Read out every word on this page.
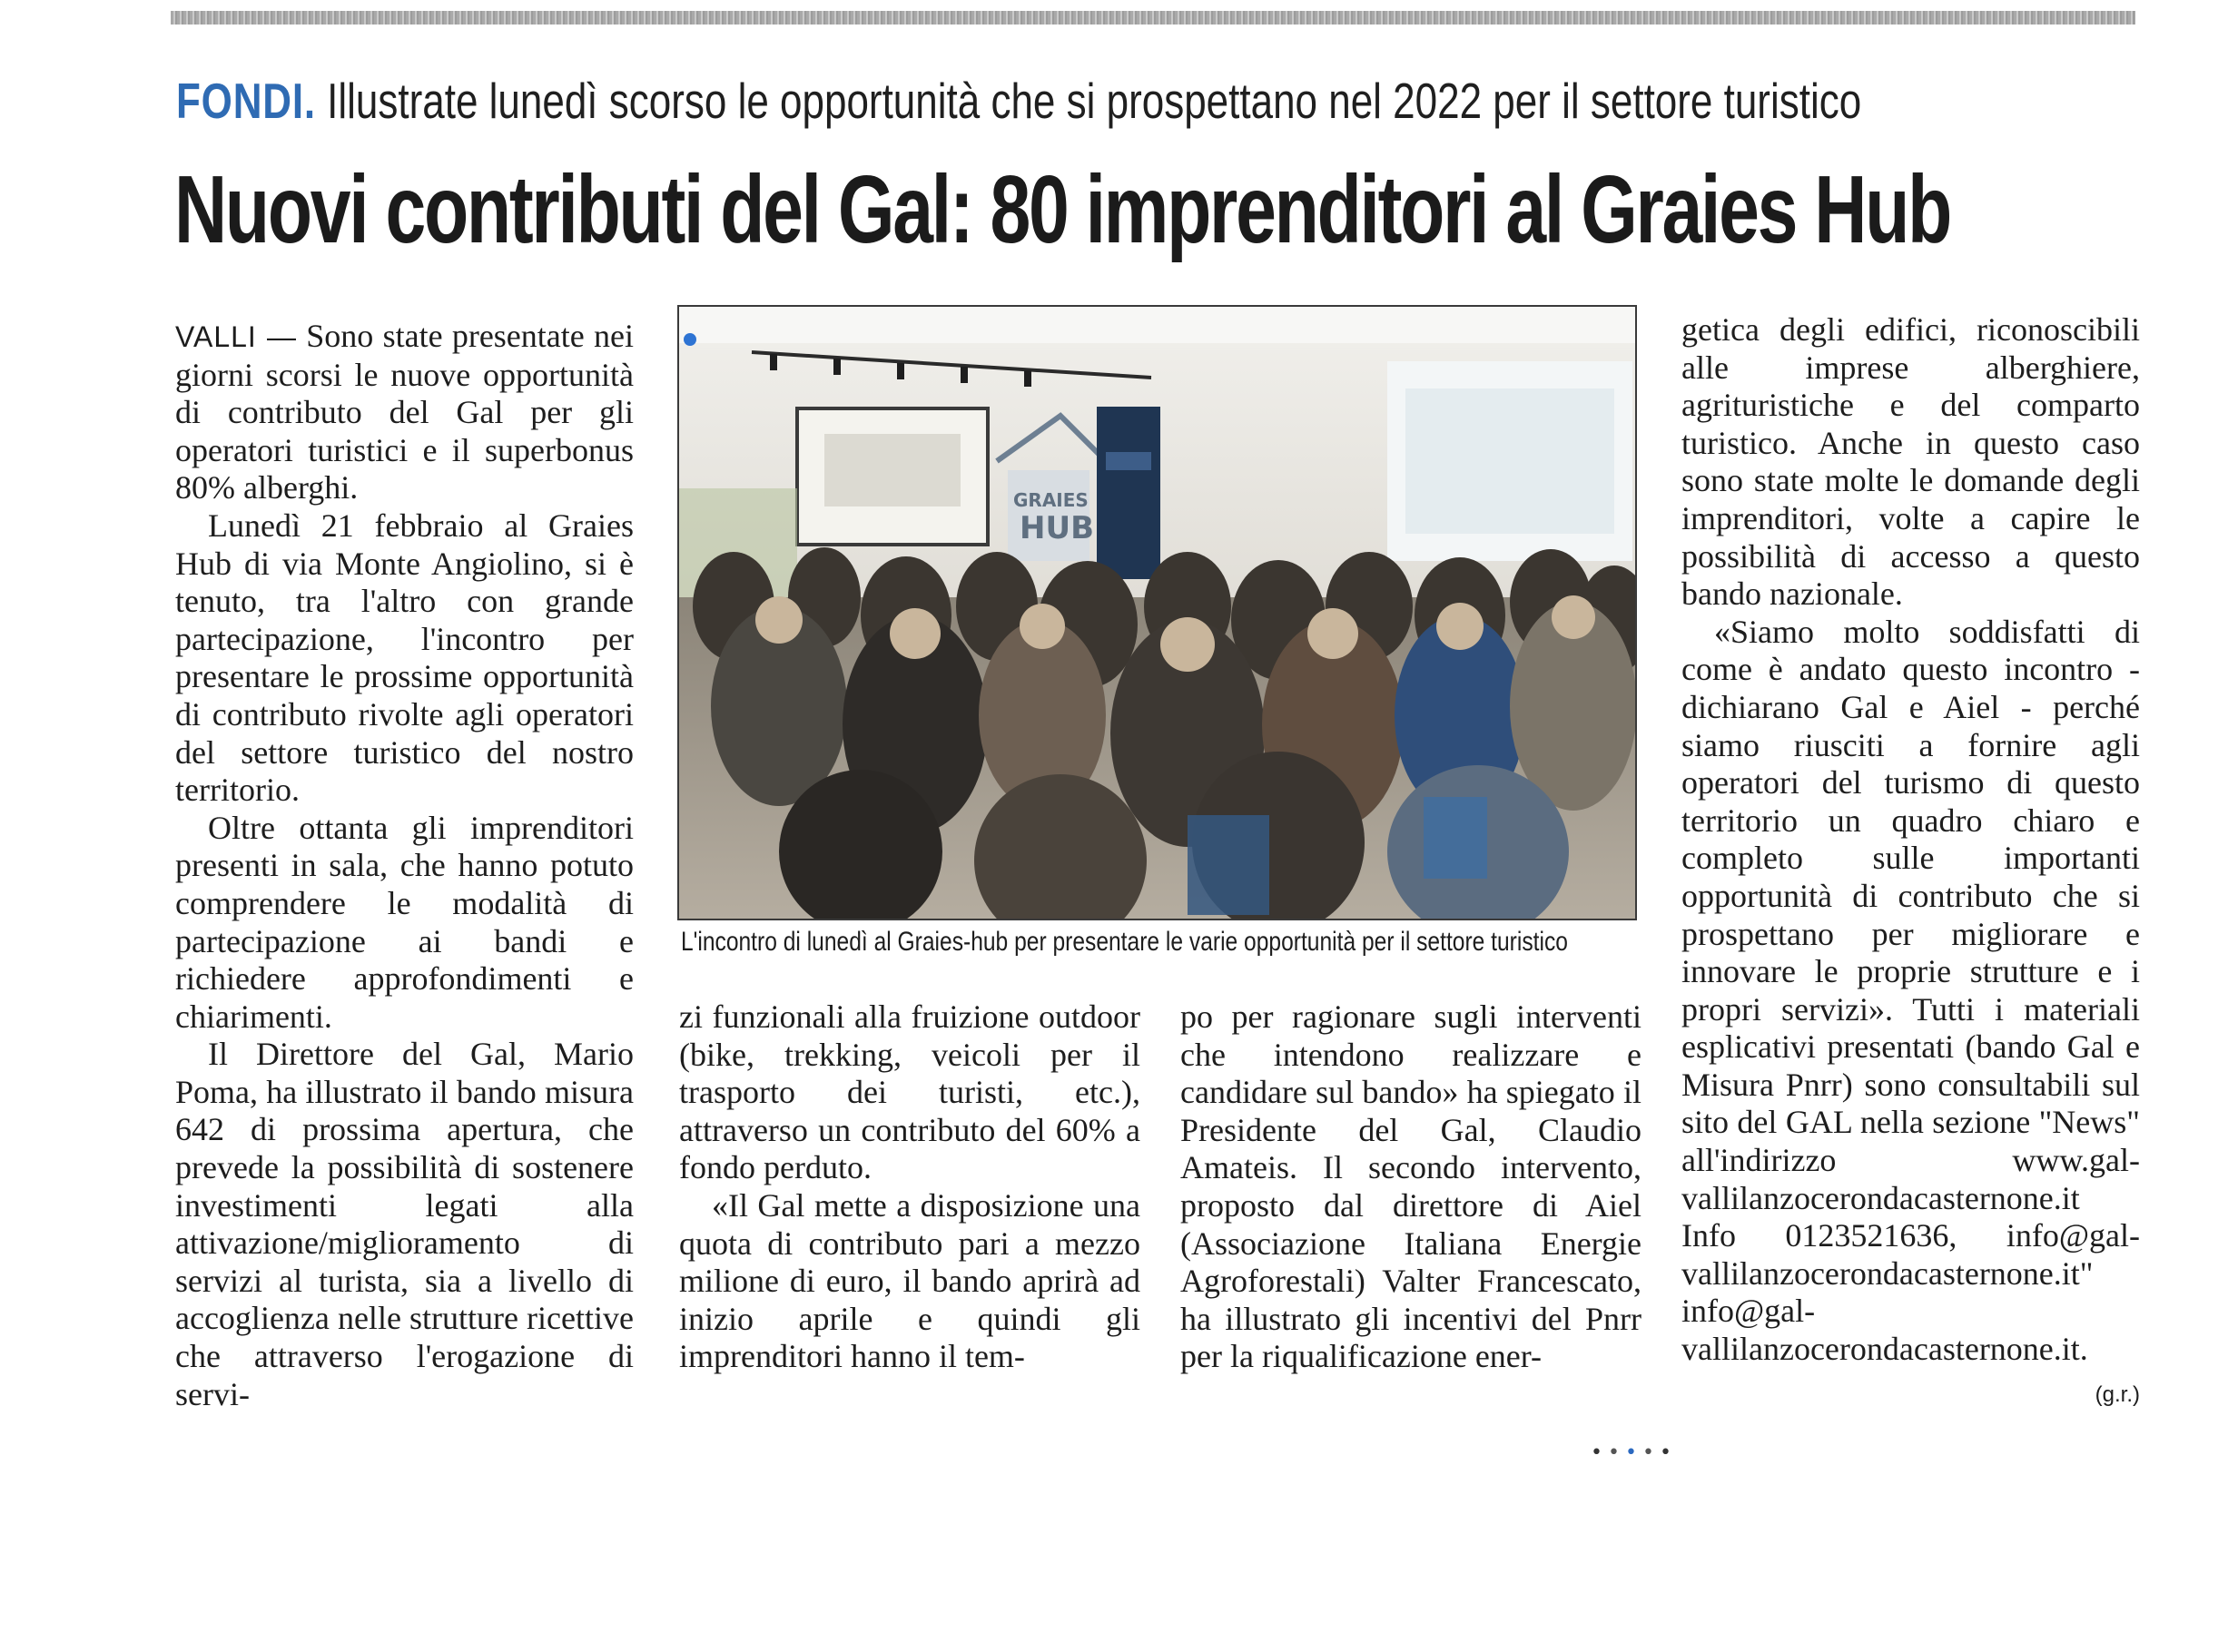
FONDI. Illustrate lunedì scorso le opportunità che si prospettano nel 2022 per il settore turistico
Nuovi contributi del Gal: 80 imprenditori al Graies Hub

VALLI — Sono state presentate nei giorni scorsi le nuove opportunità di contributo del Gal per gli operatori turistici e il superbonus 80% alberghi.

Lunedì 21 febbraio al Graies Hub di via Monte Angiolino, si è tenuto, tra l'altro con grande partecipazione, l'incontro per presentare le prossime opportunità di contributo rivolte agli operatori del settore turistico del nostro territorio.

Oltre ottanta gli imprenditori presenti in sala, che hanno potuto comprendere le modalità di partecipazione ai bandi e richiedere approfondimenti e chiarimenti.

Il Direttore del Gal, Mario Poma, ha illustrato il bando misura 642 di prossima apertura, che prevede la possibilità di sostenere investimenti legati alla attivazione/miglioramento di servizi al turista, sia a livello di accoglienza nelle strutture ricettive che attraverso l'erogazione di servi-

GRAIES
HUB
L'incontro di lunedì al Graies-hub per presentare le varie opportunità per il settore turistico

zi funzionali alla fruizione outdoor (bike, trekking, veicoli per il trasporto dei turisti, etc.), attraverso un contributo del 60% a fondo perduto.

«Il Gal mette a disposizione una quota di contributo pari a mezzo milione di euro, il bando aprirà ad inizio aprile e quindi gli imprenditori hanno il tem-

po per ragionare sugli interventi che intendono realizzare e candidare sul bando» ha spiegato il Presidente del Gal, Claudio Amateis. Il secondo intervento, proposto dal direttore di Aiel (Associazione Italiana Energie Agroforestali) Valter Francescato, ha illustrato gli incentivi del Pnrr per la riqualificazione ener-

getica degli edifici, riconoscibili alle imprese alberghiere, agrituristiche e del comparto turistico. Anche in questo caso sono state molte le domande degli imprenditori, volte a capire le possibilità di accesso a questo bando nazionale.

«Siamo molto soddisfatti di come è andato questo incontro - dichiarano Gal e Aiel - perché siamo riusciti a fornire agli operatori del turismo di questo territorio un quadro chiaro e completo sulle importanti opportunità di contributo che si prospettano per migliorare e innovare le proprie strutture e i propri servizi». Tutti i materiali esplicativi presentati (bando Gal e Misura Pnrr) sono consultabili sul sito del GAL nella sezione "News" all'indirizzo www.gal-vallilanzocerondacasternone.it Info 0123521636, info@gal-vallilanzocerondacasternone.it" info@gal-vallilanzocerondacasternone.it.

(g.r.)
•••••
